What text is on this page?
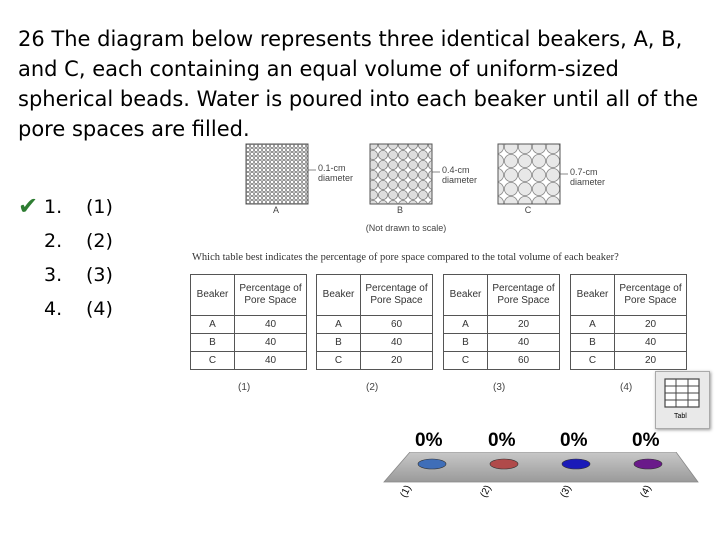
26 The diagram below represents three identical beakers, A, B, and C, each containing an equal volume of uniform-sized spherical beads. Water is poured into each beaker until all of the pore spaces are filled.
✔ 1. (1)
2. (2)
3. (3)
4. (4)
0.1-cm
diameter
0.4-cm
diameter
0.7-cm
diameter
A	B	C
(Not drawn to scale)
Which table best indicates the percentage of pore space compared to the total volume of each beaker?
Beaker	Percentage of Pore Space
A	40
B	40
C	40
Beaker	Percentage of Pore Space
A	60
B	40
C	20
Beaker	Percentage of Pore Space
A	20
B	40
C	60
Beaker	Percentage of Pore Space
A	20
B	40
C	20
(1)	(2)	(3)	(4)
Tabl
0% 0% 0% 0%
(1)	(2)	(3)	(4)
